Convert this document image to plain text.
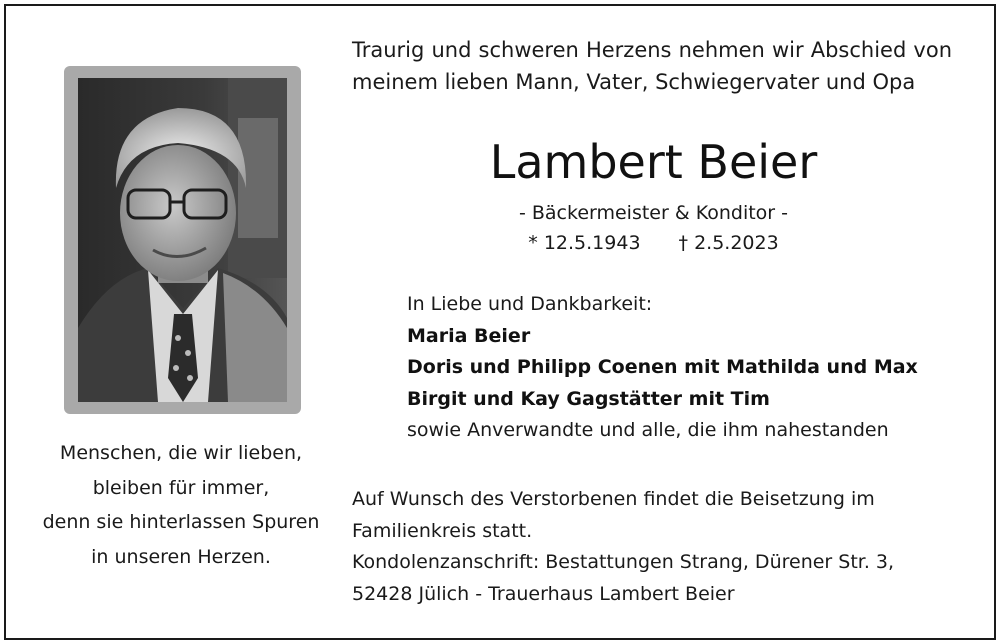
Menschen, die wir lieben,
bleiben für immer,
denn sie hinterlassen Spuren
in unseren Herzen.
Traurig und schweren Herzens nehmen wir Abschied von
meinem lieben Mann, Vater, Schwiegervater und Opa
Lambert Beier
- Bäckermeister & Konditor -
* 12.5.1943 † 2.5.2023
In Liebe und Dankbarkeit:
Maria Beier
Doris und Philipp Coenen mit Mathilda und Max
Birgit und Kay Gagstätter mit Tim
sowie Anverwandte und alle, die ihm nahestanden
Auf Wunsch des Verstorbenen findet die Beisetzung im
Familienkreis statt.
Kondolenzanschrift: Bestattungen Strang, Dürener Str. 3,
52428 Jülich - Trauerhaus Lambert Beier
